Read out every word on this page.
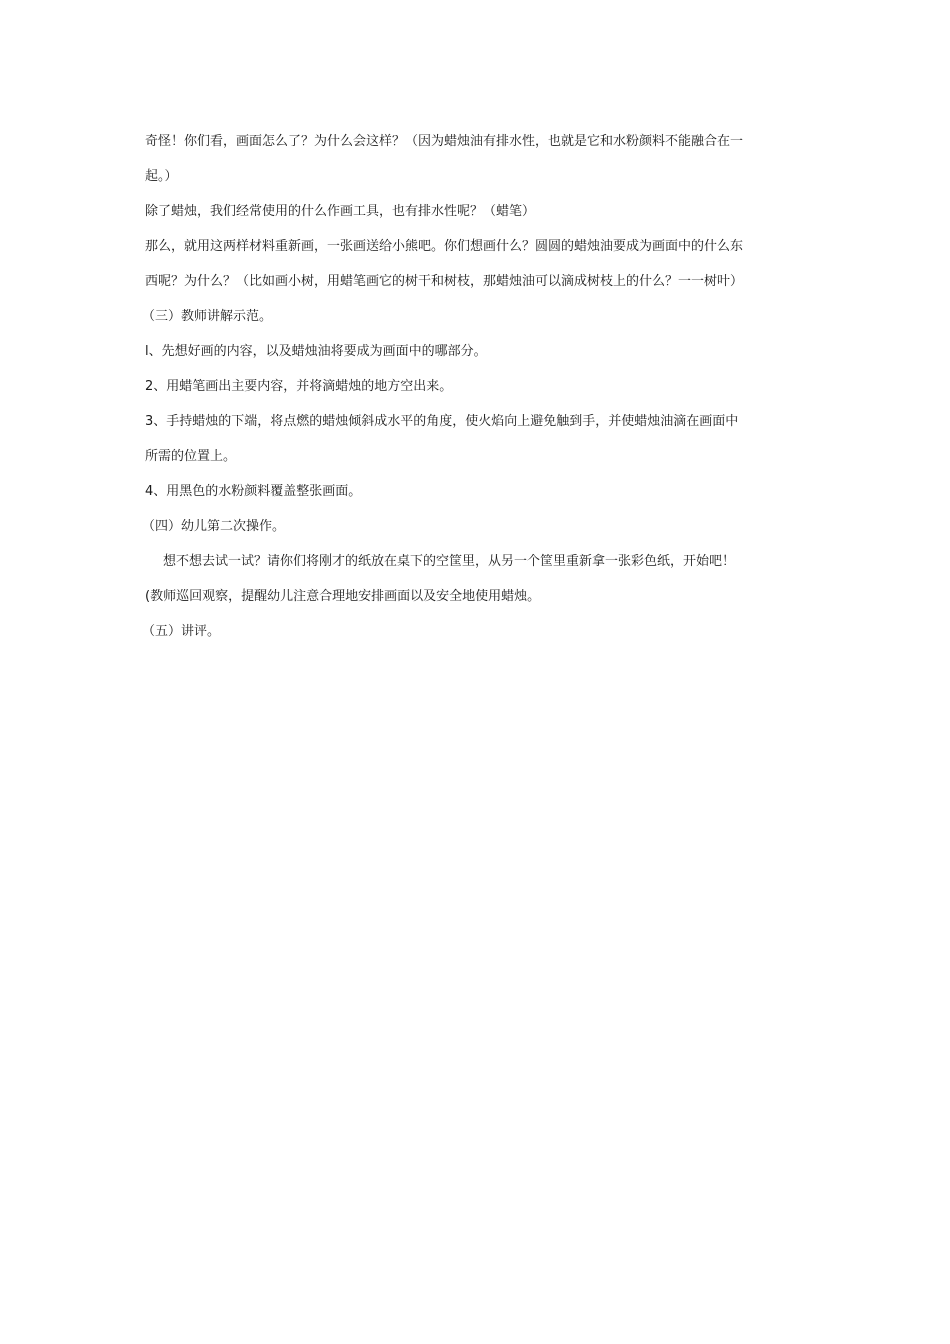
奇怪！你们看，画面怎么了？为什么会这样？（因为蜡烛油有排水性，也就是它和水粉颜料不能融合在一
起。）
除了蜡烛，我们经常使用的什么作画工具，也有排水性呢？（蜡笔）
那么，就用这两样材料重新画，一张画送给小熊吧。你们想画什么？圆圆的蜡烛油要成为画面中的什么东
西呢？为什么？（比如画小树，用蜡笔画它的树干和树枝，那蜡烛油可以滴成树枝上的什么？一一树叶）
（三）教师讲解示范。
l、先想好画的内容，以及蜡烛油将要成为画面中的哪部分。
2、用蜡笔画出主要内容，并将滴蜡烛的地方空出来。
3、手持蜡烛的下端，将点燃的蜡烛倾斜成水平的角度，使火焰向上避免触到手，并使蜡烛油滴在画面中
所需的位置上。
4、用黑色的水粉颜料覆盖整张画面。
（四）幼儿第二次操作。
想不想去试一试？请你们将刚才的纸放在桌下的空筐里，从另一个筐里重新拿一张彩色纸，开始吧！
(教师巡回观察，提醒幼儿注意合理地安排画面以及安全地使用蜡烛。
（五）讲评。
